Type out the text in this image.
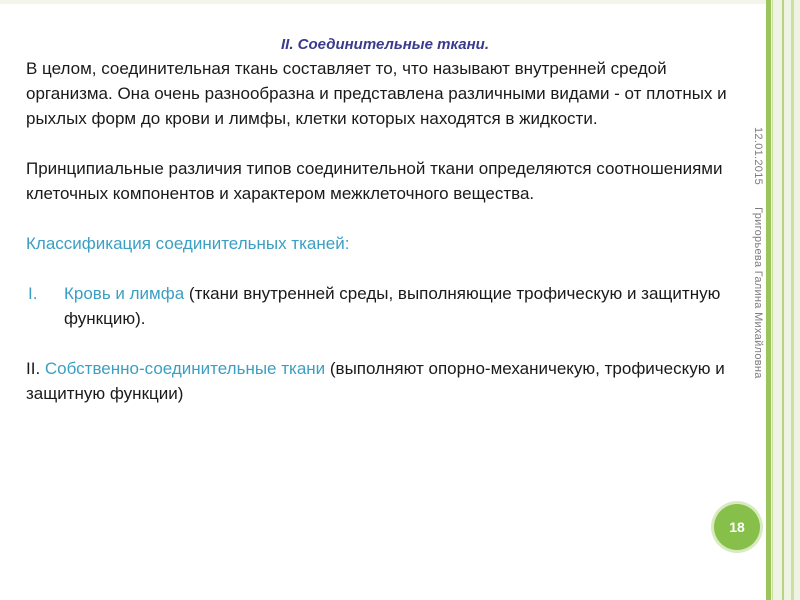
II. Соединительные ткани.

В целом, соединительная ткань составляет то, что называют внутренней средой организма. Она очень разнообразна и представлена различными видами - от плотных и рыхлых форм до крови и лимфы, клетки которых находятся в жидкости.

Принципиальные различия типов соединительной ткани определяются соотношениями клеточных компонентов и характером межклеточного вещества.

Классификация соединительных тканей:

I.	Кровь и лимфа (ткани внутренней среды, выполняющие трофическую и защитную функцию).

II. Собственно-соединительные ткани (выполняют опорно-механичекую, трофическую и защитную функции)

12.01.2015Григорьева Галина Михайловна
18
